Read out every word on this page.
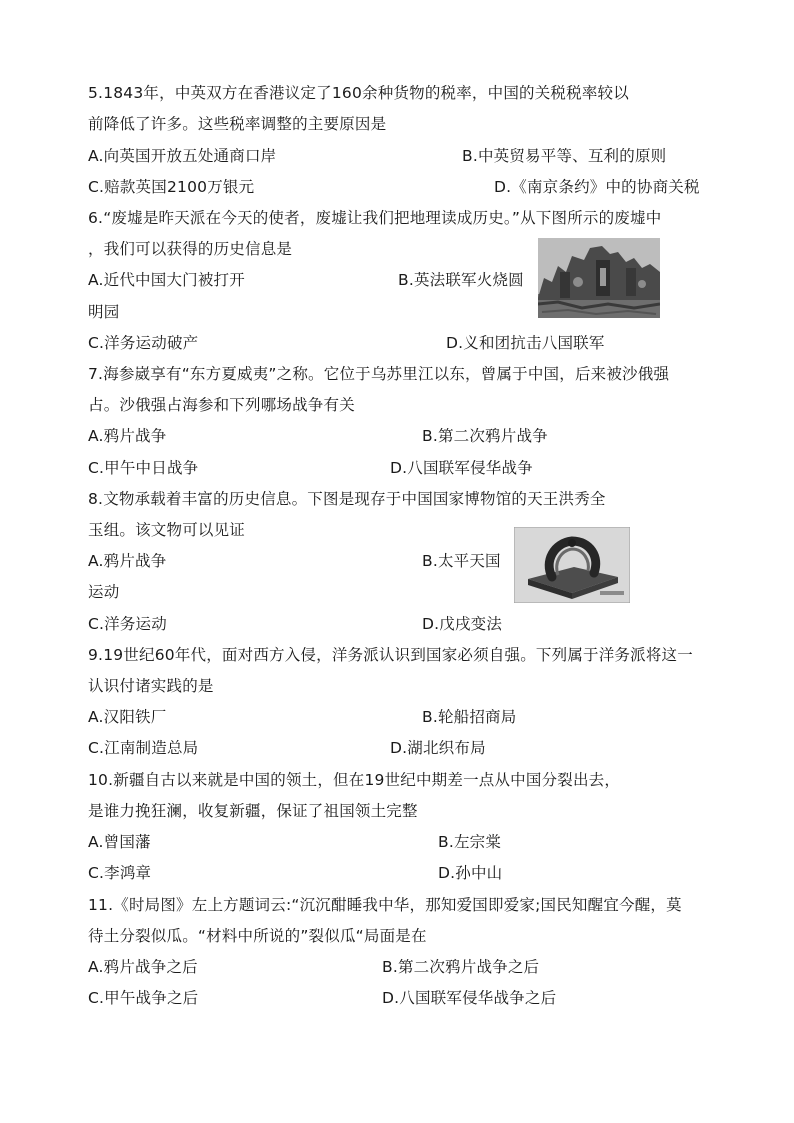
5.1843年，中英双方在香港议定了160余种货物的税率，中国的关税税率较以
前降低了许多。这些税率调整的主要原因是
A.向英国开放五处通商口岸	B.中英贸易平等、互利的原则
C.赔款英国2100万银元	D.《南京条约》中的协商关税
6.“废墟是昨天派在今天的使者，废墟让我们把地理读成历史。”从下图所示的废墟中
，我们可以获得的历史信息是
A.近代中国大门被打开	B.英法联军火烧圆
明园
C.洋务运动破产	D.义和团抗击八国联军
7.海参崴享有“东方夏威夷”之称。它位于乌苏里江以东，曾属于中国，后来被沙俄强
占。沙俄强占海参和下列哪场战争有关
A.鸦片战争	B.第二次鸦片战争
C.甲午中日战争	D.八国联军侵华战争
8.文物承载着丰富的历史信息。下图是现存于中国国家博物馆的天王洪秀全
玉组。该文物可以见证
A.鸦片战争	B.太平天国
运动
C.洋务运动	D.戊戌变法
9.19世纪60年代，面对西方入侵，洋务派认识到国家必须自强。下列属于洋务派将这一
认识付诸实践的是
A.汉阳铁厂	B.轮船招商局
C.江南制造总局	D.湖北织布局
10.新疆自古以来就是中国的领土，但在19世纪中期差一点从中国分裂出去，
是谁力挽狂澜，收复新疆，保证了祖国领土完整
A.曾国藩	B.左宗棠
C.李鸿章	D.孙中山
11.《时局图》左上方题词云:“沉沉酣睡我中华，那知爱国即爱家;国民知醒宜今醒，莫
待土分裂似瓜。“材料中所说的”裂似瓜“局面是在
A.鸦片战争之后	B.第二次鸦片战争之后
C.甲午战争之后	D.八国联军侵华战争之后
